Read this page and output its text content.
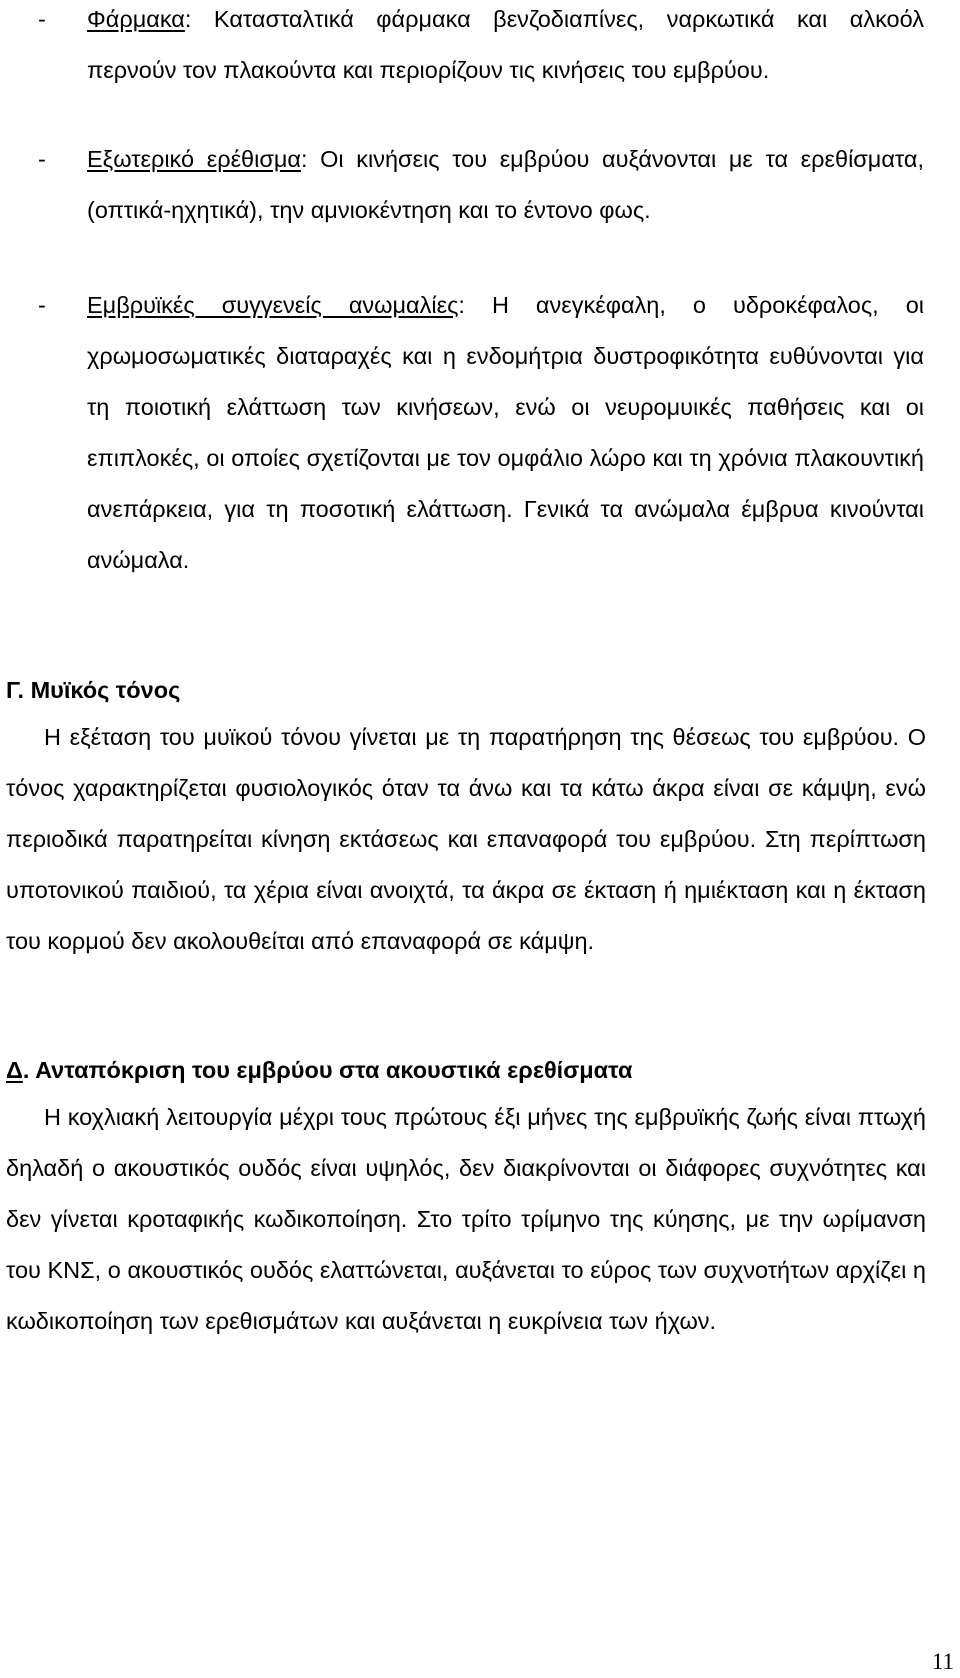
-	Φάρμακα: Κατασταλτικά φάρμακα βενζοδιαπίνες, ναρκωτικά και αλκοόλ περνούν τον πλακούντα και περιορίζουν τις κινήσεις του εμβρύου.
-	Εξωτερικό ερέθισμα: Οι κινήσεις του εμβρύου αυξάνονται με τα ερεθίσματα, (οπτικά-ηχητικά), την αμνιοκέντηση και το έντονο φως.
-	Εμβρυϊκές συγγενείς ανωμαλίες: Η ανεγκέφαλη, ο υδροκέφαλος, οι χρωμοσωματικές διαταραχές και η ενδομήτρια δυστροφικότητα ευθύνονται για τη ποιοτική ελάττωση των κινήσεων, ενώ οι νευρομυικές παθήσεις και οι επιπλοκές, οι οποίες σχετίζονται με τον ομφάλιο λώρο και τη χρόνια πλακουντική ανεπάρκεια, για τη ποσοτική ελάττωση. Γενικά τα ανώμαλα έμβρυα κινούνται ανώμαλα.
Γ. Μυϊκός τόνος
Η εξέταση του μυϊκού τόνου γίνεται με τη παρατήρηση της θέσεως του εμβρύου. Ο τόνος χαρακτηρίζεται φυσιολογικός όταν τα άνω και τα κάτω άκρα είναι σε κάμψη, ενώ περιοδικά παρατηρείται κίνηση εκτάσεως και επαναφορά του εμβρύου. Στη περίπτωση υποτονικού παιδιού, τα χέρια είναι ανοιχτά, τα άκρα σε έκταση ή ημιέκταση και η έκταση του κορμού δεν ακολουθείται από επαναφορά σε κάμψη.
Δ. Ανταπόκριση του εμβρύου στα ακουστικά ερεθίσματα
Η κοχλιακή λειτουργία μέχρι τους πρώτους έξι μήνες της εμβρυϊκής ζωής είναι πτωχή δηλαδή ο ακουστικός ουδός είναι υψηλός, δεν διακρίνονται οι διάφορες συχνότητες και δεν γίνεται κροταφικής κωδικοποίηση. Στο τρίτο τρίμηνο της κύησης, με την ωρίμανση του ΚΝΣ, ο ακουστικός ουδός ελαττώνεται, αυξάνεται το εύρος των συχνοτήτων αρχίζει η κωδικοποίηση των ερεθισμάτων και αυξάνεται η ευκρίνεια των ήχων.
11
